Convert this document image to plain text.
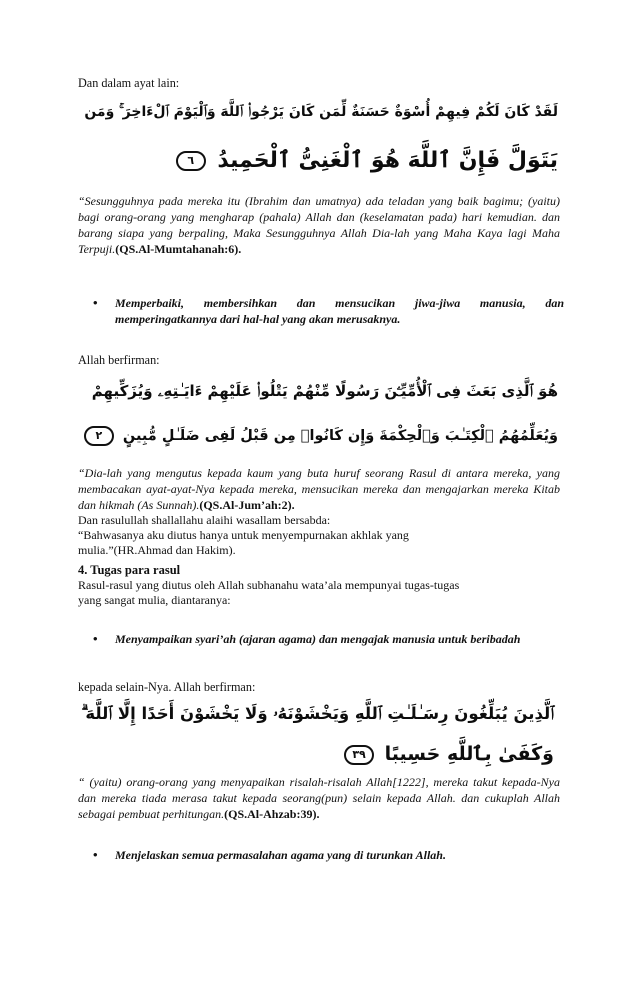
Dan dalam ayat lain:
لَقَدْ كَانَ لَكُمْ فِيهِمْ أُسْوَةٌ حَسَنَةٌ لِّمَن كَانَ يَرْجُوا۟ ٱللَّهَ وَٱلْيَوْمَ ٱلْءَاخِرَ ۚ وَمَن
يَتَوَلَّ فَإِنَّ ٱللَّهَ هُوَ ٱلْغَنِىُّ ٱلْحَمِيدُ ٦
“Sesungguhnya pada mereka itu (Ibrahim dan umatnya) ada teladan yang baik bagimu; (yaitu) bagi orang-orang yang mengharap (pahala) Allah dan (keselamatan pada) hari kemudian. dan barang siapa yang berpaling, Maka Sesungguhnya Allah Dia-lah yang Maha Kaya lagi Maha Terpuji.(QS.Al-Mumtahanah:6).
• Memperbaiki, membersihkan dan mensucikan jiwa-jiwa manusia, dan memperingatkannya dari hal-hal yang akan merusaknya.
Allah berfirman:
هُوَ ٱلَّذِى بَعَثَ فِى ٱلْأُمِّيِّـۧنَ رَسُولًا مِّنْهُمْ يَتْلُوا۟ عَلَيْهِمْ ءَايَـٰتِهِۦ وَيُزَكِّيهِمْ
وَيُعَلِّمُهُمُ ٱلْكِتَـٰبَ وَٱلْحِكْمَةَ وَإِن كَانُوا۟ مِن قَبْلُ لَفِى ضَلَـٰلٍ مُّبِينٍ ٢
“Dia-lah yang mengutus kepada kaum yang buta huruf seorang Rasul di antara mereka, yang membacakan ayat-ayat-Nya kepada mereka, mensucikan mereka dan mengajarkan mereka Kitab dan hikmah (As Sunnah).(QS.Al-Jum’ah:2).
Dan rasulullah shallallahu alaihi wasallam bersabda:
“Bahwasanya aku diutus hanya untuk menyempurnakan akhlak yang
mulia.”(HR.Ahmad dan Hakim).
4. Tugas para rasul
Rasul-rasul yang diutus oleh Allah subhanahu wata’ala mempunyai tugas-tugas
yang sangat mulia, diantaranya:
• Menyampaikan syari’ah (ajaran agama) dan mengajak manusia untuk beribadah
kepada selain-Nya. Allah berfirman:
ٱلَّذِينَ يُبَلِّغُونَ رِسَـٰلَـٰتِ ٱللَّهِ وَيَخْشَوْنَهُۥ وَلَا يَخْشَوْنَ أَحَدًا إِلَّا ٱللَّهَ ۗ
وَكَفَىٰ بِٱللَّهِ حَسِيبًا ٣٩
“ (yaitu) orang-orang yang menyapaikan risalah-risalah Allah[1222], mereka takut kepada-Nya dan mereka tiada merasa takut kepada seorang(pun) selain kepada Allah. dan cukuplah Allah sebagai pembuat perhitungan.(QS.Al-Ahzab:39).
• Menjelaskan semua permasalahan agama yang di turunkan Allah.
